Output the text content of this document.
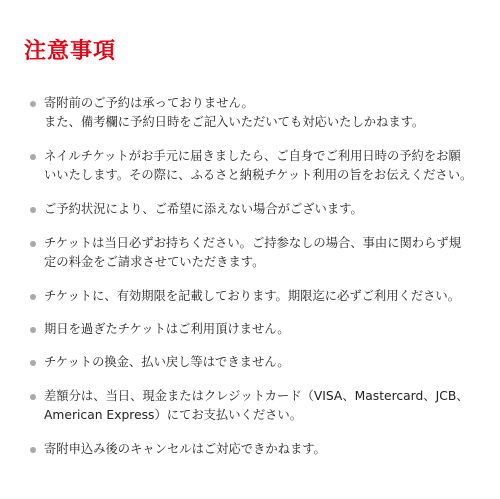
注意事項
寄附前のご予約は承っておりません。
また、備考欄に予約日時をご記入いただいても対応いたしかねます。
ネイルチケットがお手元に届きましたら、ご自身でご利用日時の予約をお願
いいたします。その際に、ふるさと納税チケット利用の旨をお伝えください。
ご予約状況により、ご希望に添えない場合がございます。
チケットは当日必ずお持ちください。ご持参なしの場合、事由に関わらず規
定の料金をご請求させていただきます。
チケットに、有効期限を記載しております。期限迄に必ずご利用ください。
期日を過ぎたチケットはご利用頂けません。
チケットの換金、払い戻し等はできません。
差額分は、当日、現金またはクレジットカード（VISA、Mastercard、JCB、
American Express）にてお支払いください。
寄附申込み後のキャンセルはご対応できかねます。
